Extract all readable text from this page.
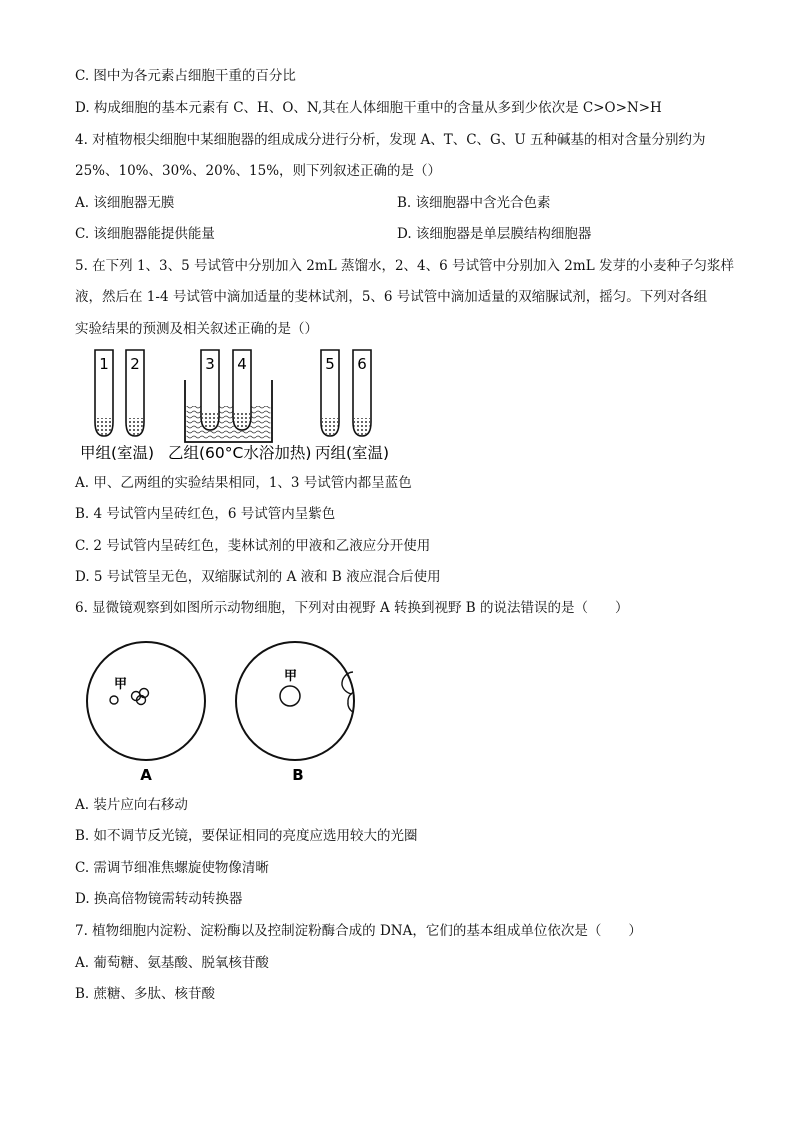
C. 图中为各元素占细胞干重的百分比
D. 构成细胞的基本元素有 C、H、O、N,其在人体细胞干重中的含量从多到少依次是 C>O>N>H
4. 对植物根尖细胞中某细胞器的组成成分进行分析，发现 A、T、C、G、U 五种碱基的相对含量分别约为
25%、10%、30%、20%、15%，则下列叙述正确的是（）
A. 该细胞器无膜	B. 该细胞器中含光合色素
C. 该细胞器能提供能量	D. 该细胞器是单层膜结构细胞器
5. 在下列 1、3、5 号试管中分别加入 2mL 蒸馏水，2、4、6 号试管中分别加入 2mL 发芽的小麦种子匀浆样
液，然后在 1-4 号试管中滴加适量的斐林试剂，5、6 号试管中滴加适量的双缩脲试剂，摇匀。下列对各组
实验结果的预测及相关叙述正确的是（）
1 2	3 4	5 6
甲组(室温) 乙组(60°C水浴加热) 丙组(室温)
A. 甲、乙两组的实验结果相同，1、3 号试管内都呈蓝色
B. 4 号试管内呈砖红色，6 号试管内呈紫色
C. 2 号试管内呈砖红色，斐林试剂的甲液和乙液应分开使用
D. 5 号试管呈无色，双缩脲试剂的 A 液和 B 液应混合后使用
6. 显微镜观察到如图所示动物细胞，下列对由视野 A 转换到视野 B 的说法错误的是（　　）
甲
A
甲
B
A. 装片应向右移动
B. 如不调节反光镜，要保证相同的亮度应选用较大的光圈
C. 需调节细准焦螺旋使物像清晰
D. 换高倍物镜需转动转换器
7. 植物细胞内淀粉、淀粉酶以及控制淀粉酶合成的 DNA，它们的基本组成单位依次是（　　）
A. 葡萄糖、氨基酸、脱氧核苷酸
B. 蔗糖、多肽、核苷酸
